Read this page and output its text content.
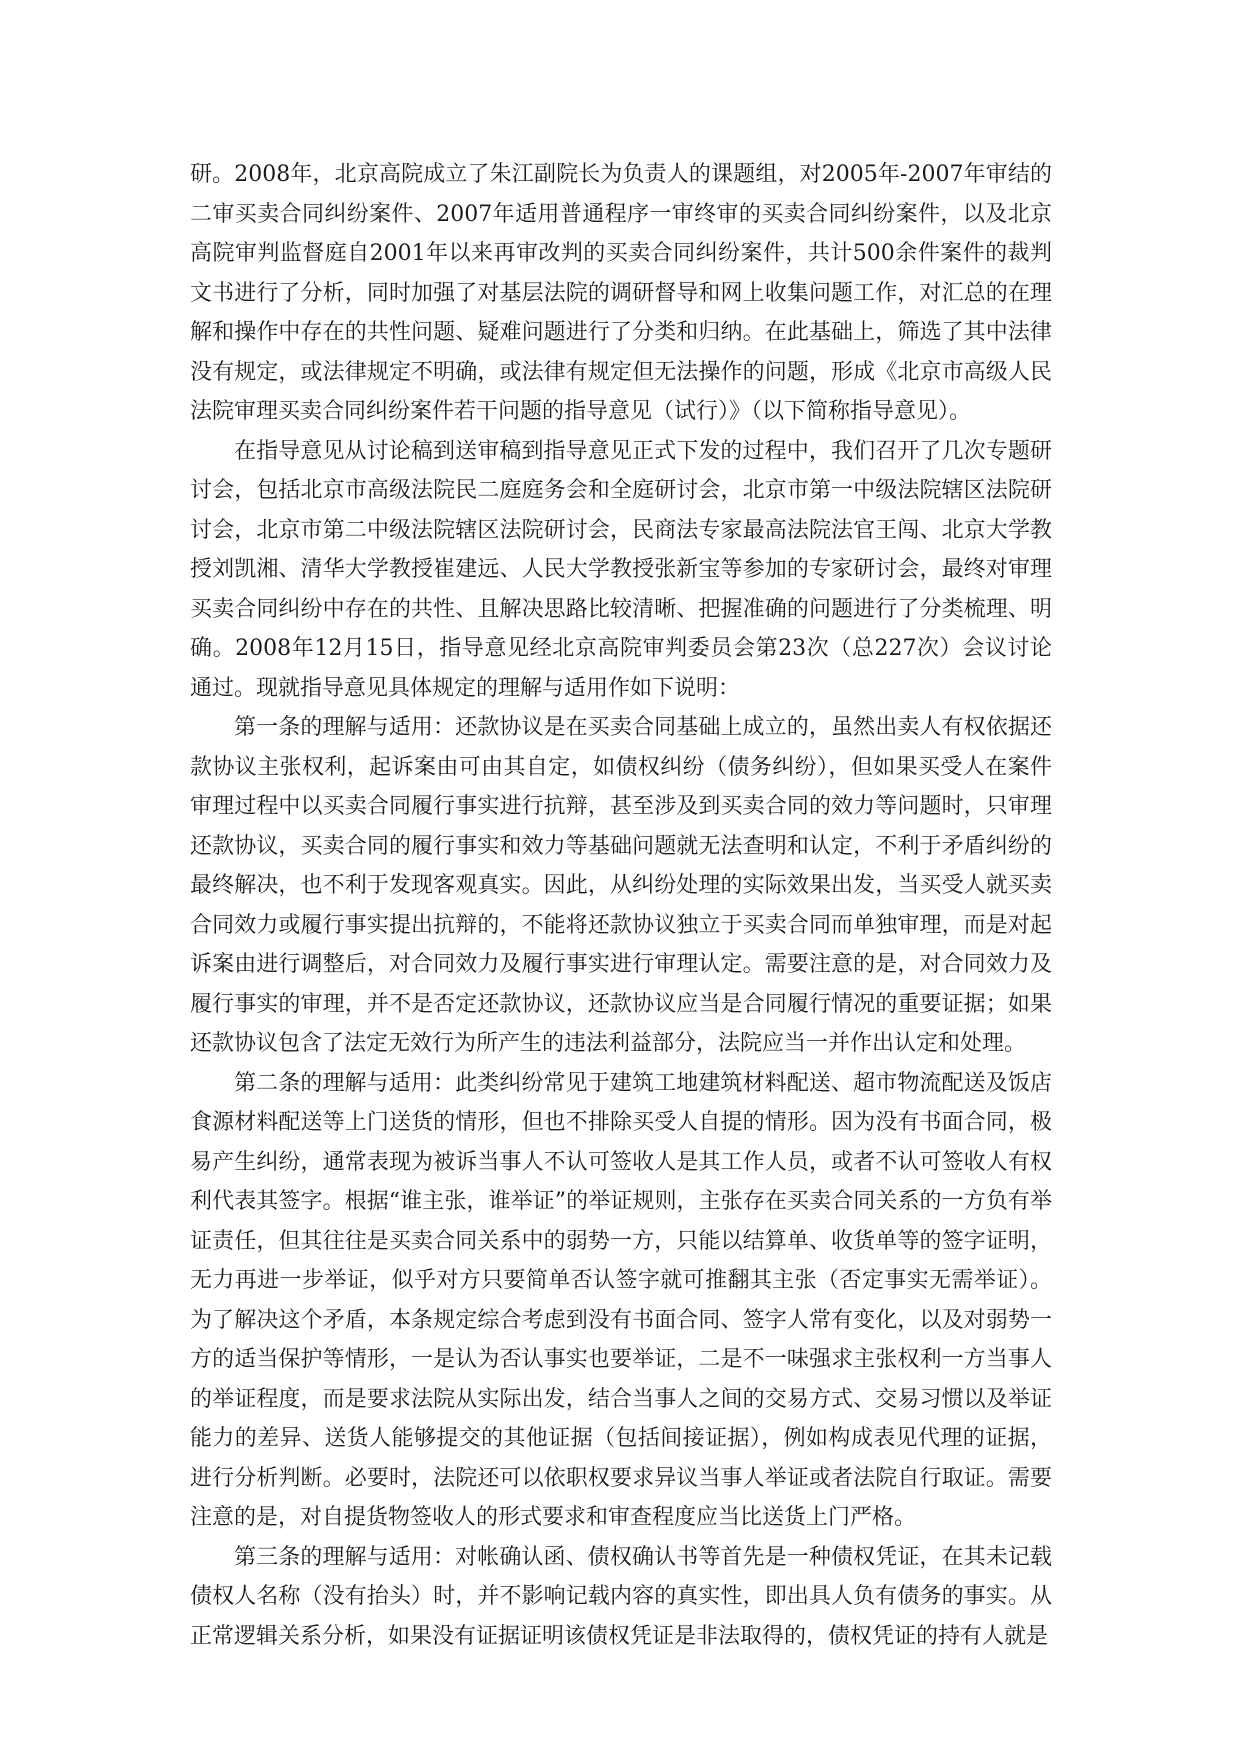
研。2008年，北京高院成立了朱江副院长为负责人的课题组，对2005年-2007年审结的二审买卖合同纠纷案件、2007年适用普通程序一审终审的买卖合同纠纷案件，以及北京高院审判监督庭自2001年以来再审改判的买卖合同纠纷案件，共计500余件案件的裁判文书进行了分析，同时加强了对基层法院的调研督导和网上收集问题工作，对汇总的在理解和操作中存在的共性问题、疑难问题进行了分类和归纳。在此基础上，筛选了其中法律没有规定，或法律规定不明确，或法律有规定但无法操作的问题，形成《北京市高级人民法院审理买卖合同纠纷案件若干问题的指导意见（试行）》（以下简称指导意见）。

在指导意见从讨论稿到送审稿到指导意见正式下发的过程中，我们召开了几次专题研讨会，包括北京市高级法院民二庭庭务会和全庭研讨会，北京市第一中级法院辖区法院研讨会，北京市第二中级法院辖区法院研讨会，民商法专家最高法院法官王闯、北京大学教授刘凯湘、清华大学教授崔建远、人民大学教授张新宝等参加的专家研讨会，最终对审理买卖合同纠纷中存在的共性、且解决思路比较清晰、把握准确的问题进行了分类梳理、明确。2008年12月15日，指导意见经北京高院审判委员会第23次（总227次）会议讨论通过。现就指导意见具体规定的理解与适用作如下说明：

第一条的理解与适用：还款协议是在买卖合同基础上成立的，虽然出卖人有权依据还款协议主张权利，起诉案由可由其自定，如债权纠纷（债务纠纷），但如果买受人在案件审理过程中以买卖合同履行事实进行抗辩，甚至涉及到买卖合同的效力等问题时，只审理还款协议，买卖合同的履行事实和效力等基础问题就无法查明和认定，不利于矛盾纠纷的最终解决，也不利于发现客观真实。因此，从纠纷处理的实际效果出发，当买受人就买卖合同效力或履行事实提出抗辩的，不能将还款协议独立于买卖合同而单独审理，而是对起诉案由进行调整后，对合同效力及履行事实进行审理认定。需要注意的是，对合同效力及履行事实的审理，并不是否定还款协议，还款协议应当是合同履行情况的重要证据；如果还款协议包含了法定无效行为所产生的违法利益部分，法院应当一并作出认定和处理。

第二条的理解与适用：此类纠纷常见于建筑工地建筑材料配送、超市物流配送及饭店食源材料配送等上门送货的情形，但也不排除买受人自提的情形。因为没有书面合同，极易产生纠纷，通常表现为被诉当事人不认可签收人是其工作人员，或者不认可签收人有权利代表其签字。根据“谁主张，谁举证”的举证规则，主张存在买卖合同关系的一方负有举证责任，但其往往是买卖合同关系中的弱势一方，只能以结算单、收货单等的签字证明，无力再进一步举证，似乎对方只要简单否认签字就可推翻其主张（否定事实无需举证）。为了解决这个矛盾，本条规定综合考虑到没有书面合同、签字人常有变化，以及对弱势一方的适当保护等情形，一是认为否认事实也要举证，二是不一味强求主张权利一方当事人的举证程度，而是要求法院从实际出发，结合当事人之间的交易方式、交易习惯以及举证能力的差异、送货人能够提交的其他证据（包括间接证据），例如构成表见代理的证据，进行分析判断。必要时，法院还可以依职权要求异议当事人举证或者法院自行取证。需要注意的是，对自提货物签收人的形式要求和审查程度应当比送货上门严格。

第三条的理解与适用：对帐确认函、债权确认书等首先是一种债权凭证，在其未记载债权人名称（没有抬头）时，并不影响记载内容的真实性，即出具人负有债务的事实。从正常逻辑关系分析，如果没有证据证明该债权凭证是非法取得的，债权凭证的持有人就是
